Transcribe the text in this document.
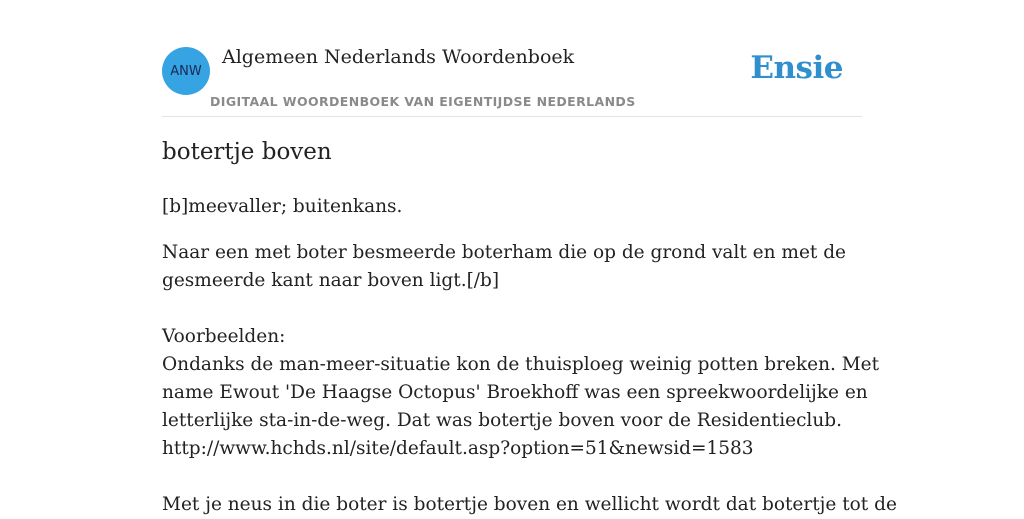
ANW
Algemeen Nederlands Woordenboek
DIGITAAL WOORDENBOEK VAN EIGENTIJDSE NEDERLANDS
Ensie
botertje boven

[b]meevaller; buitenkans.

Naar een met boter besmeerde boterham die op de grond valt en met de
gesmeerde kant naar boven ligt.[/b]
Voorbeelden:
Ondanks de man-meer-situatie kon de thuisploeg weinig potten breken. Met
name Ewout 'De Haagse Octopus' Broekhoff was een spreekwoordelijke en
letterlijke sta-in-de-weg. Dat was botertje boven voor de Residentieclub.
http://www.hchds.nl/site/default.asp?option=51&newsid=1583
Met je neus in die boter is botertje boven en wellicht wordt dat botertje tot de
